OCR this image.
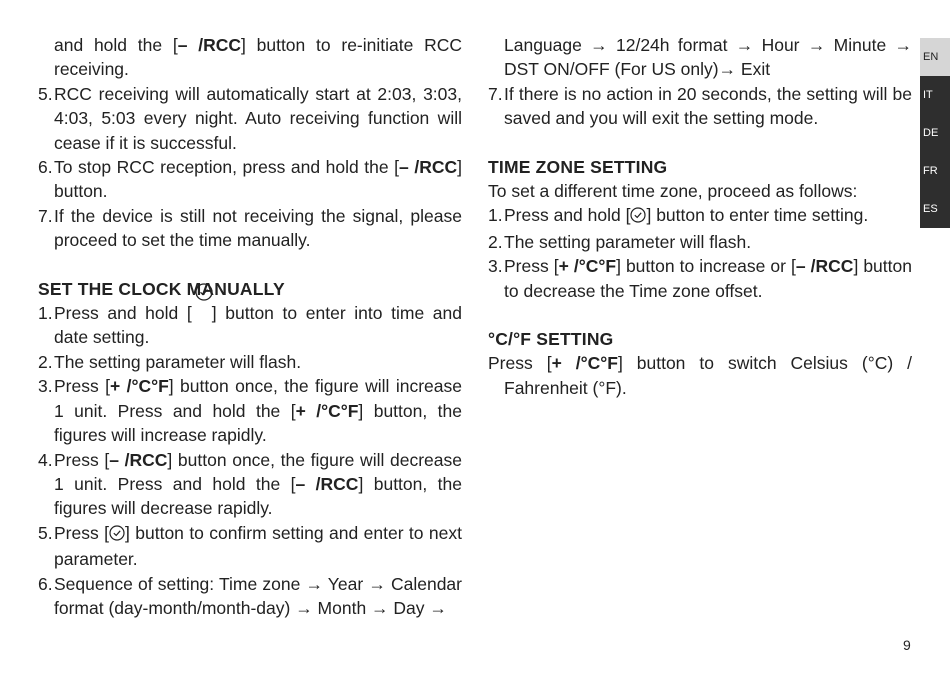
and hold the [– /RCC] button to re-initiate RCC receiving.

5. RCC receiving will automatically start at 2:03, 3:03, 4:03, 5:03 every night. Auto receiving function will cease if it is successful.

6. To stop RCC reception, press and hold the [– /RCC] button.

7. If the device is still not receiving the signal, please proceed to set the time manually.

SET THE CLOCK MANUALLY

1. Press and hold [ ] button to enter into time and date setting.

2. The setting parameter will flash.

3. Press [+ /°C°F] button once, the figure will increase 1 unit. Press and hold the [+ /°C°F] button, the figures will increase rapidly.

4. Press [– /RCC] button once, the figure will decrease 1 unit. Press and hold the [– /RCC] button, the figures will decrease rapidly.

5. Press [ ] button to confirm setting and enter to next parameter.

6. Sequence of setting: Time zone → Year → Calendar format (day-month/month-day) → Month → Day →

Language → 12/24h format → Hour → Minute → DST ON/OFF (For US only)→ Exit

7. If there is no action in 20 seconds, the setting will be saved and you will exit the setting mode.

TIME ZONE SETTING

To set a different time zone, proceed as follows:

1. Press and hold [ ] button to enter time setting.

2. The setting parameter will flash.

3. Press [+ /°C°F] button to increase or [– /RCC] button to decrease the Time zone offset.

°C/°F SETTING

Press [+ /°C°F] button to switch Celsius (°C) / Fahrenheit (°F).

EN
IT
DE
FR
ES
9
